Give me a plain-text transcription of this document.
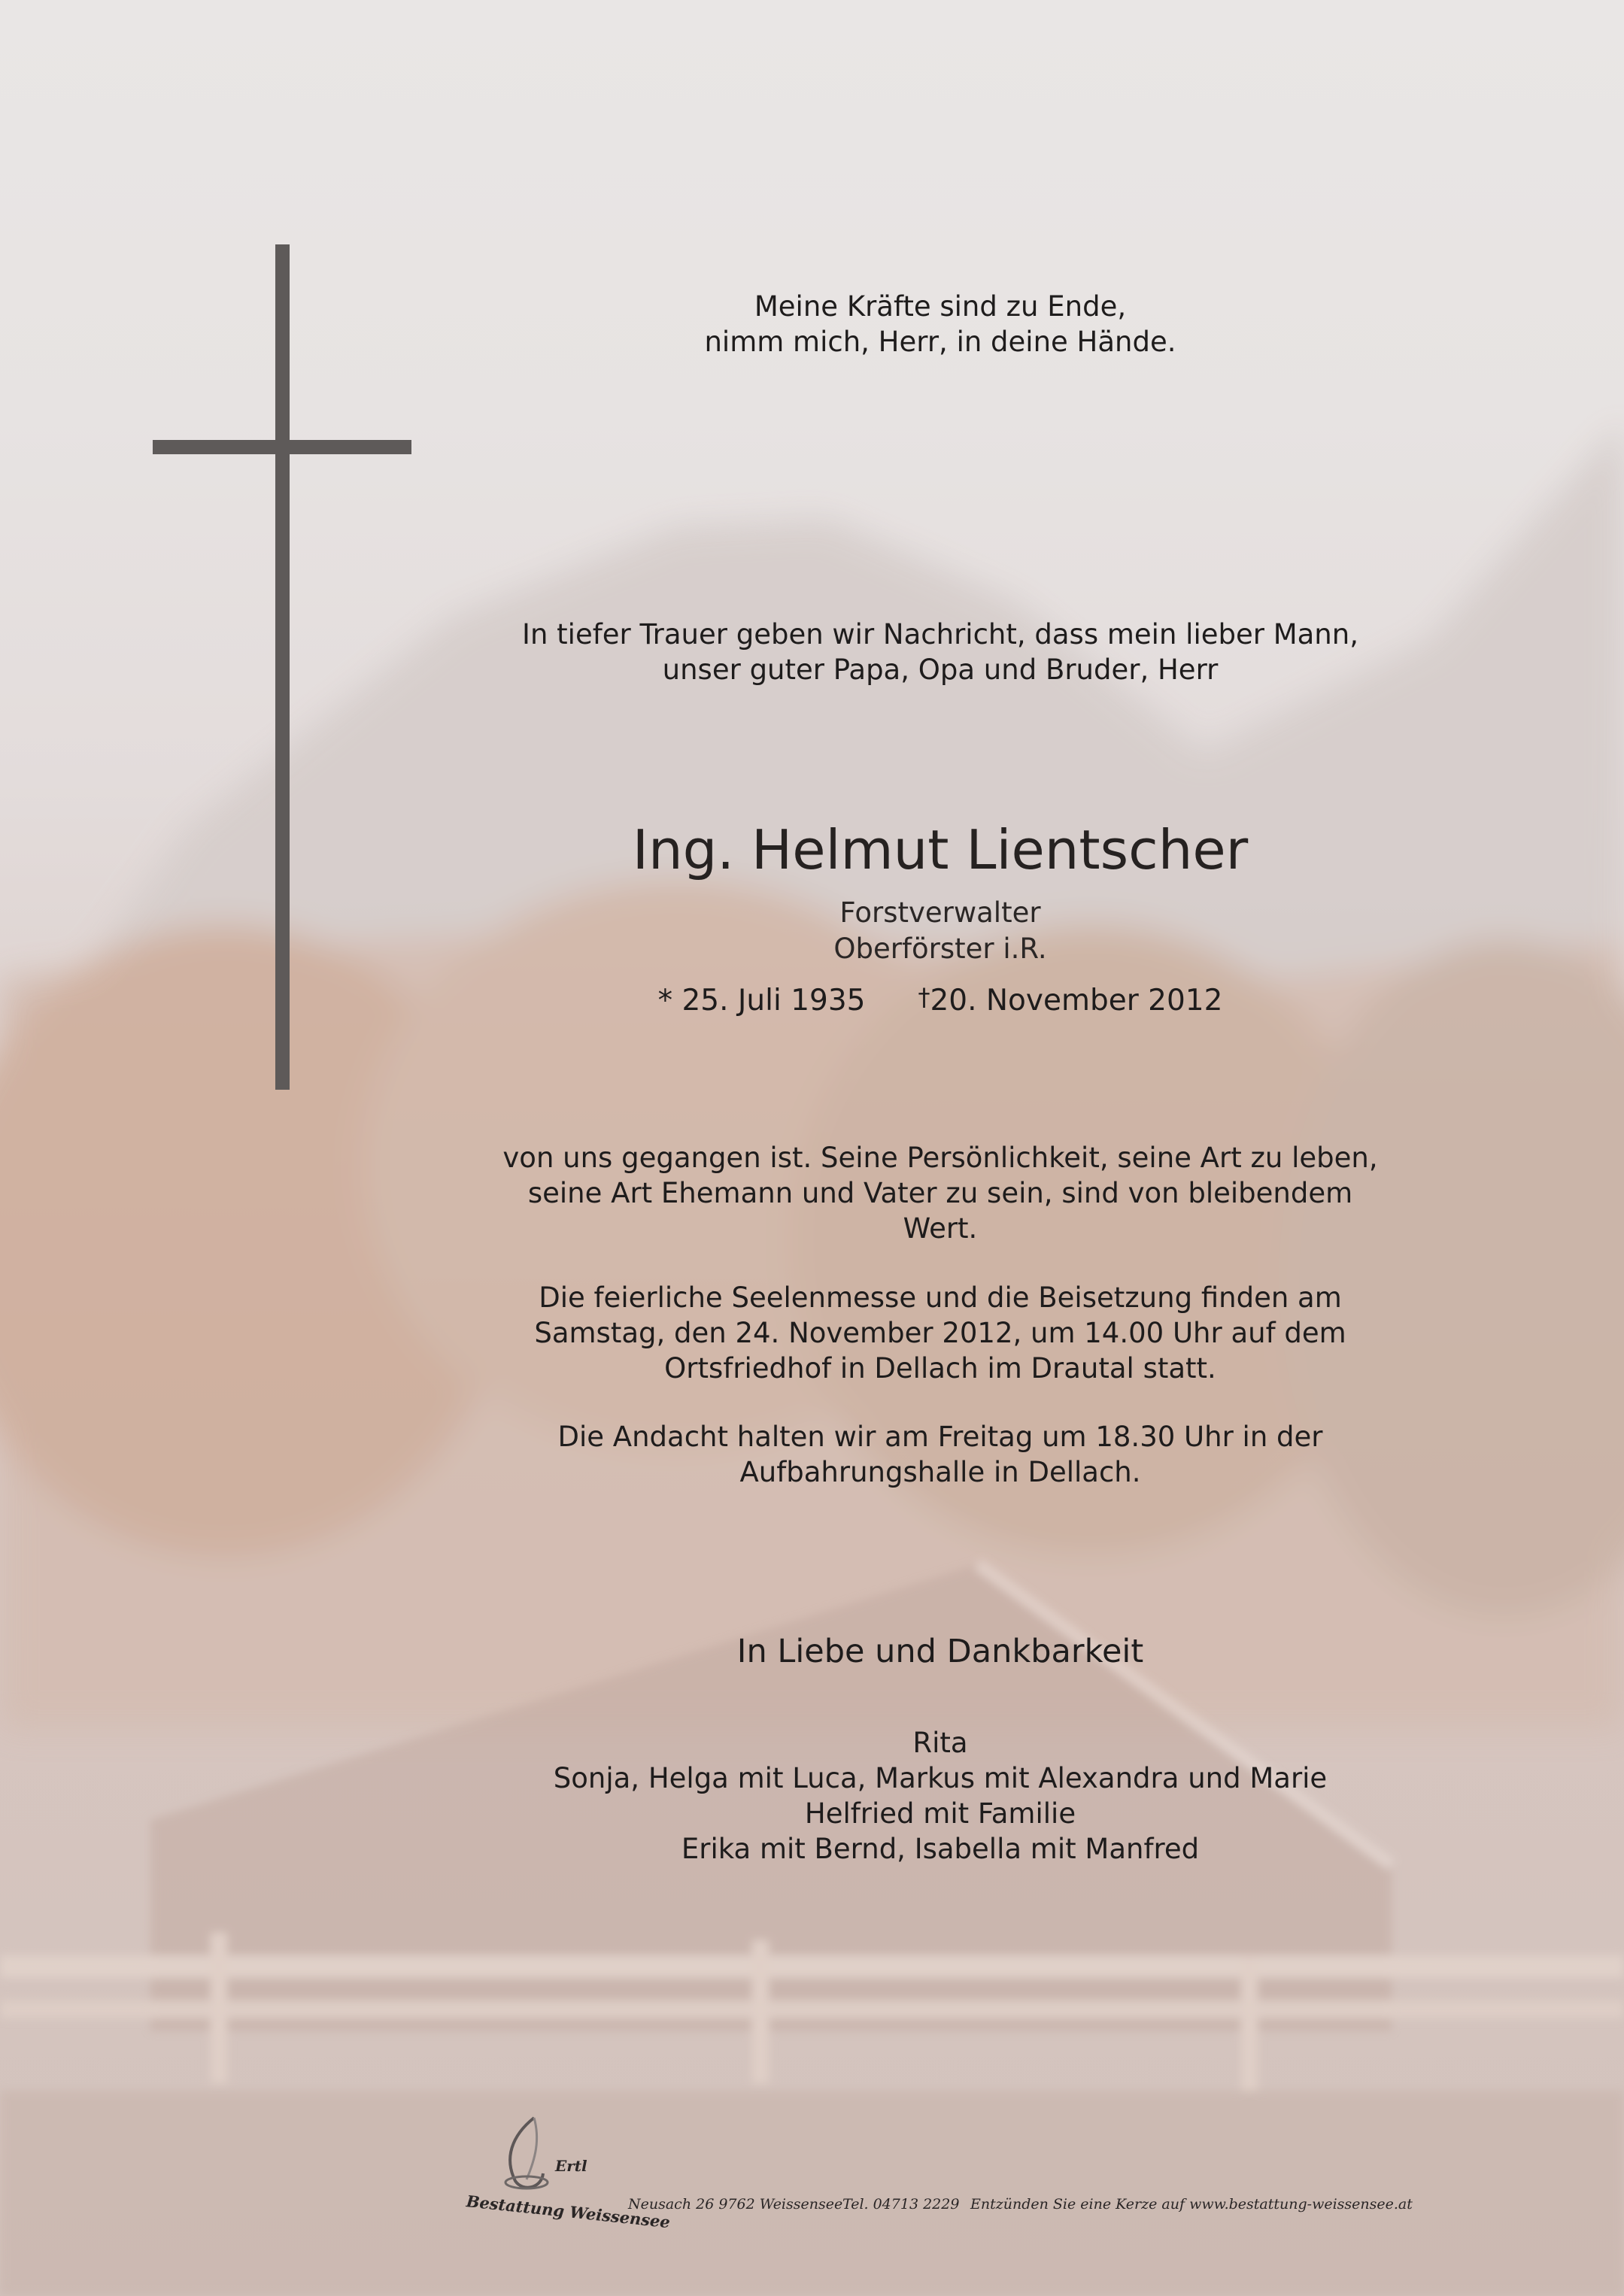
Meine Kräfte sind zu Ende,
nimm mich, Herr, in deine Hände.
In tiefer Trauer geben wir Nachricht, dass mein lieber Mann,
unser guter Papa, Opa und Bruder, Herr
Ing. Helmut Lientscher
Forstverwalter
Oberförster i.R.
* 25. Juli 1935 †20. November 2012
von uns gegangen ist. Seine Persönlichkeit, seine Art zu leben,
seine Art Ehemann und Vater zu sein, sind von bleibendem
Wert.
Die feierliche Seelenmesse und die Beisetzung finden am
Samstag, den 24. November 2012, um 14.00 Uhr auf dem
Ortsfriedhof in Dellach im Drautal statt.
Die Andacht halten wir am Freitag um 18.30 Uhr in der
Aufbahrungshalle in Dellach.
In Liebe und Dankbarkeit
Rita
Sonja, Helga mit Luca, Markus mit Alexandra und Marie
Helfried mit Familie
Erika mit Bernd, Isabella mit Manfred
Ertl
Bestattung Weissensee
Neusach 26 9762 Weissensee Tel. 04713 2229 Entzünden Sie eine Kerze auf www.bestattung-weissensee.at
